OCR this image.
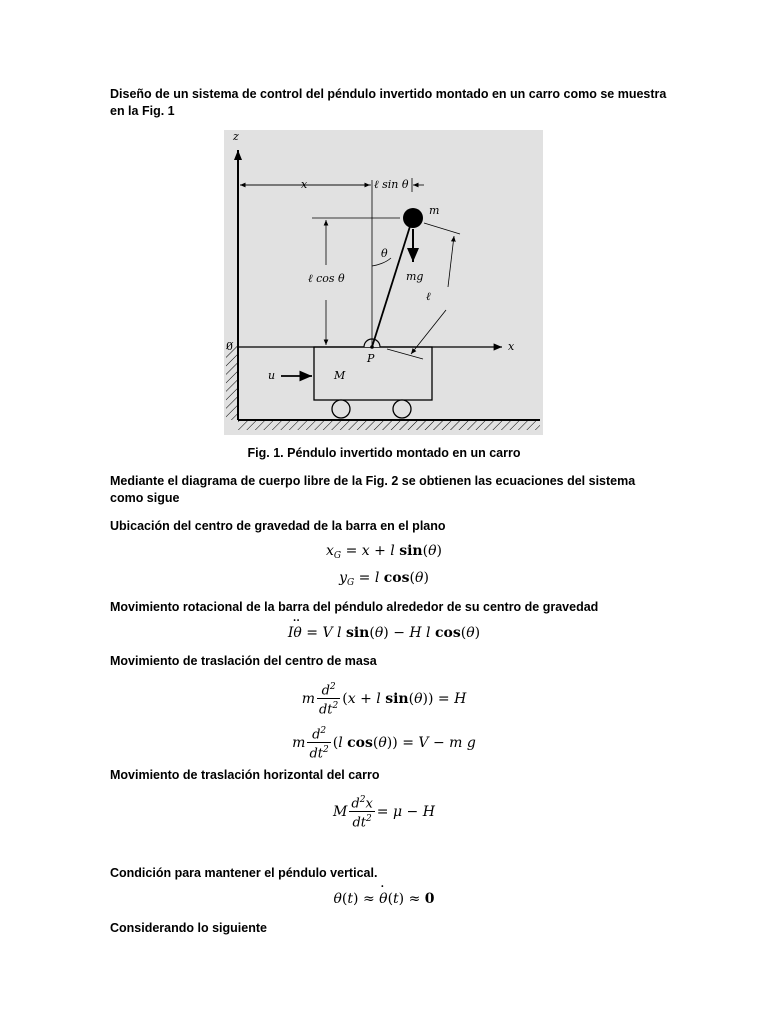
Diseño de un sistema de control del péndulo invertido montado en un carro como se muestra en la Fig. 1
z
x	ℓ sin θ
m
θ
ℓ cos θ	mg
ℓ
0	x
P
u	M
Fig. 1. Péndulo invertido montado en un carro
Mediante el diagrama de cuerpo libre de la Fig. 2 se obtienen las ecuaciones del sistema como sigue
Ubicación del centro de gravedad de la barra en el plano
$x_G = x + l$ sin(θ)
$y_G = l$ cos(θ)
Movimiento rotacional de la barra del péndulo alrededor de su centro de gravedad
Iθ ·· = V l sin(θ) − H l cos(θ)
Movimiento de traslación del centro de masa
m $\frac{d^2}{dt^2} (x + l$ sin(θ)) = H
m $\frac{d^2}{dt^2} (l$ cos(θ)) = V − m g
Movimiento de traslación horizontal del carro
M $\frac{d^2x}{dt^2} = \mu - H$
Condición para mantener el péndulo vertical.
θ(t) ≈ θ ·(t) ≈ 0
Considerando lo siguiente
